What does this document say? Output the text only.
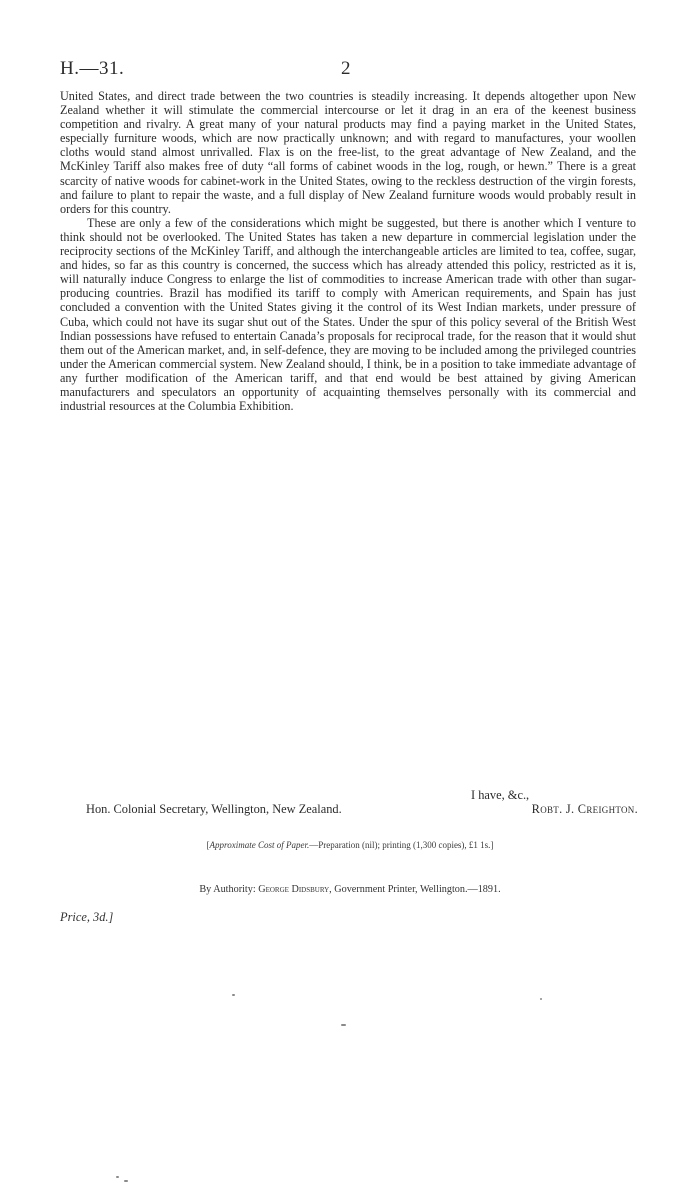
H.—31.	2

United States, and direct trade between the two countries is steadily increasing. It depends altogether upon New Zealand whether it will stimulate the commercial intercourse or let it drag in an era of the keenest business competition and rivalry. A great many of your natural products may find a paying market in the United States, especially furniture woods, which are now practically unknown; and with regard to manufactures, your woollen cloths would stand almost unrivalled. Flax is on the free-list, to the great advantage of New Zealand, and the McKinley Tariff also makes free of duty “all forms of cabinet woods in the log, rough, or hewn.” There is a great scarcity of native woods for cabinet-work in the United States, owing to the reckless destruction of the virgin forests, and failure to plant to repair the waste, and a full display of New Zealand furniture woods would probably result in orders for this country.

These are only a few of the considerations which might be suggested, but there is another which I venture to think should not be overlooked. The United States has taken a new departure in commercial legislation under the reciprocity sections of the McKinley Tariff, and although the interchangeable articles are limited to tea, coffee, sugar, and hides, so far as this country is concerned, the success which has already attended this policy, restricted as it is, will naturally induce Congress to enlarge the list of commodities to increase American trade with other than sugar-producing countries. Brazil has modified its tariff to comply with American requirements, and Spain has just concluded a convention with the United States giving it the control of its West Indian markets, under pressure of Cuba, which could not have its sugar shut out of the States. Under the spur of this policy several of the British West Indian possessions have refused to entertain Canada’s proposals for reciprocal trade, for the reason that it would shut them out of the American market, and, in self-defence, they are moving to be included among the privileged countries under the American commercial system. New Zealand should, I think, be in a position to take immediate advantage of any further modification of the American tariff, and that end would be best attained by giving American manufacturers and speculators an opportunity of acquainting themselves personally with its commercial and industrial resources at the Columbia Exhibition.

I have, &c.,
Hon. Colonial Secretary, Wellington, New Zealand.	Robt. J. Creighton.
[Approximate Cost of Paper.—Preparation (nil); printing (1,300 copies), £1 1s.]
By Authority: George Didsbury, Government Printer, Wellington.—1891.
Price, 3d.]
